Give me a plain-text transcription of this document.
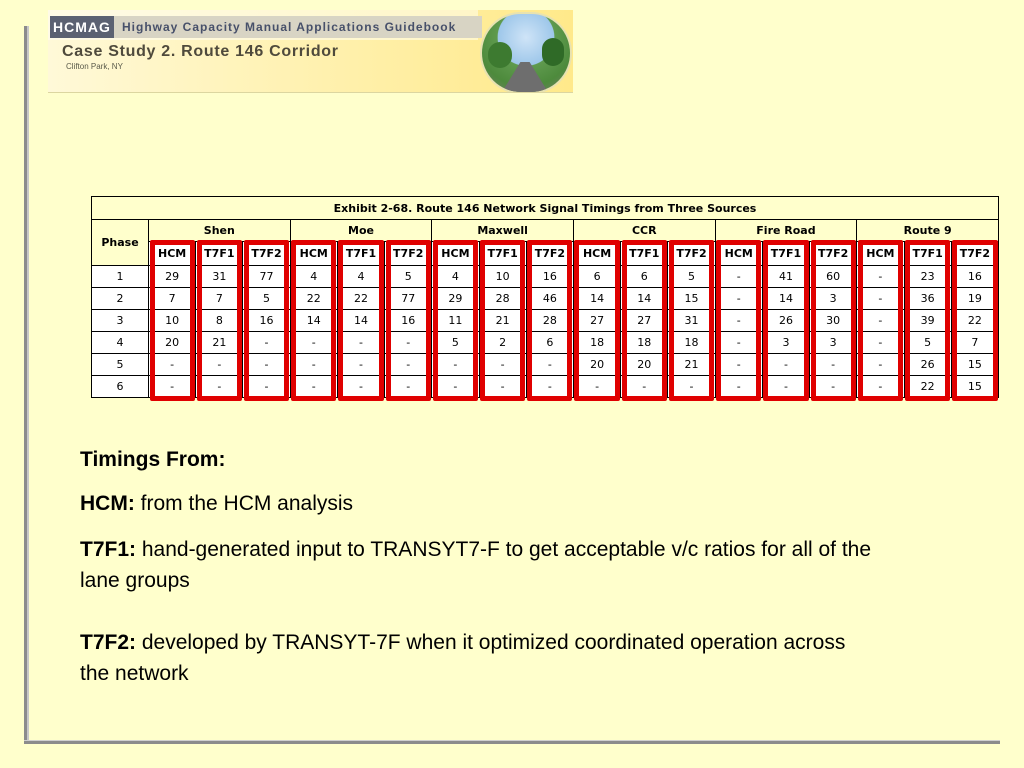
HCMAG Highway Capacity Manual Applications Guidebook
Case Study 2. Route 146 Corridor
Clifton Park, NY
Exhibit 2-68. Route 146 Network Signal Timings from Three Sources																		
Phase	Shen			Moe			Maxwell			CCR			Fire Road			Route 9		
	HCM	T7F1	T7F2	HCM	T7F1	T7F2	HCM	T7F1	T7F2	HCM	T7F1	T7F2	HCM	T7F1	T7F2	HCM	T7F1	T7F2
1	29	31	77	4	4	5	4	10	16	6	6	5	-	41	60	-	23	16
2	7	7	5	22	22	77	29	28	46	14	14	15	-	14	3	-	36	19
3	10	8	16	14	14	16	11	21	28	27	27	31	-	26	30	-	39	22
4	20	21	-	-	-	-	5	2	6	18	18	18	-	3	3	-	5	7
5	-	-	-	-	-	-	-	-	-	20	20	21	-	-	-	-	26	15
6	-	-	-	-	-	-	-	-	-	-	-	-	-	-	-	-	22	15

Timings From:

HCM: from the HCM analysis

T7F1: hand-generated input to TRANSYT7-F to get acceptable v/c ratios for all of the lane groups

T7F2: developed by TRANSYT-7F when it optimized coordinated operation across the network
